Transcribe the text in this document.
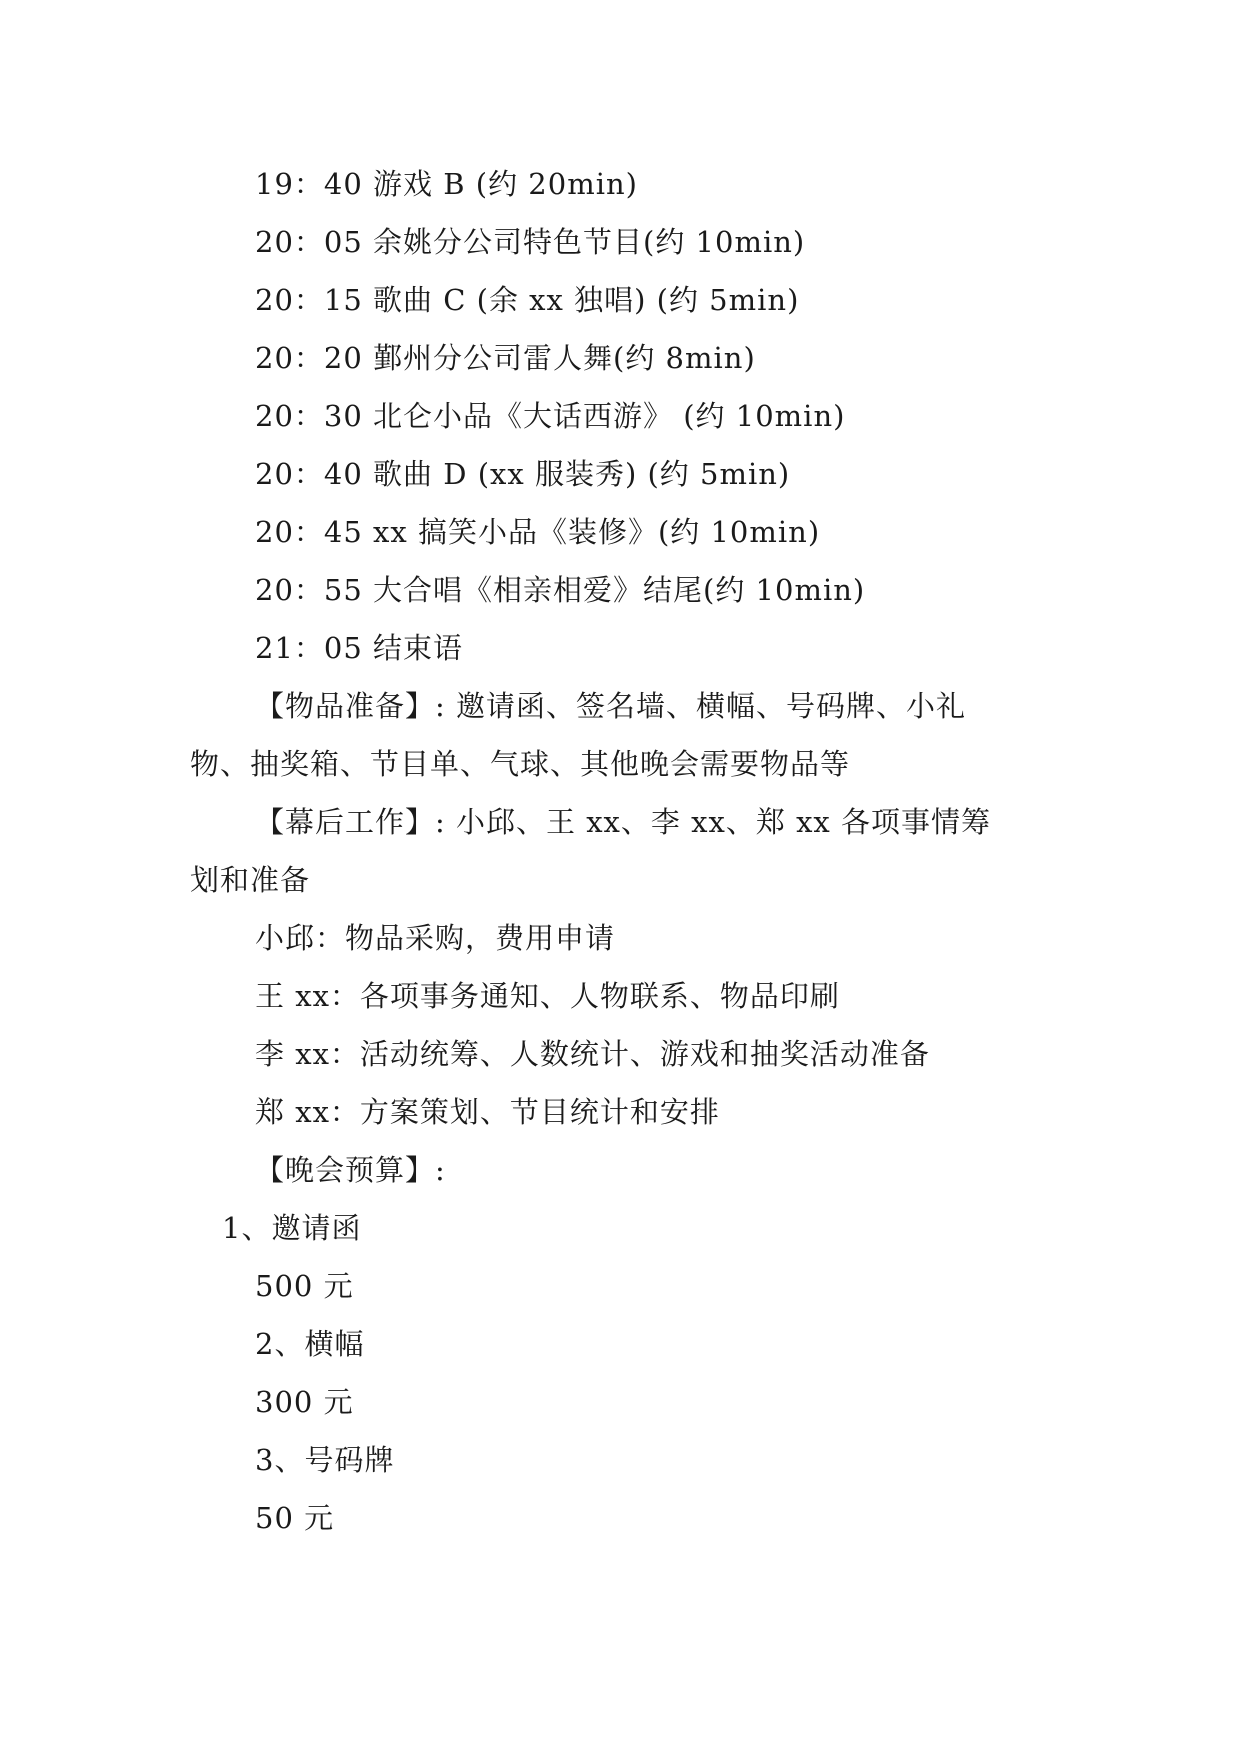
19：40 游戏 B (约 20min)
20：05 余姚分公司特色节目(约 10min)
20：15 歌曲 C (余 xx 独唱) (约 5min)
20：20 鄞州分公司雷人舞(约 8min)
20：30 北仑小品《大话西游》 (约 10min)
20：40 歌曲 D (xx 服装秀) (约 5min)
20：45 xx 搞笑小品《装修》(约 10min)
20：55 大合唱《相亲相爱》结尾(约 10min)
21：05 结束语
【物品准备】: 邀请函、签名墙、横幅、号码牌、小礼
物、抽奖箱、节目单、气球、其他晚会需要物品等
【幕后工作】: 小邱、王 xx、李 xx、郑 xx 各项事情筹
划和准备
小邱：物品采购，费用申请
王 xx：各项事务通知、人物联系、物品印刷
李 xx：活动统筹、人数统计、游戏和抽奖活动准备
郑 xx：方案策划、节目统计和安排
【晚会预算】:
1、邀请函
500 元
2、横幅
300 元
3、号码牌
50 元
